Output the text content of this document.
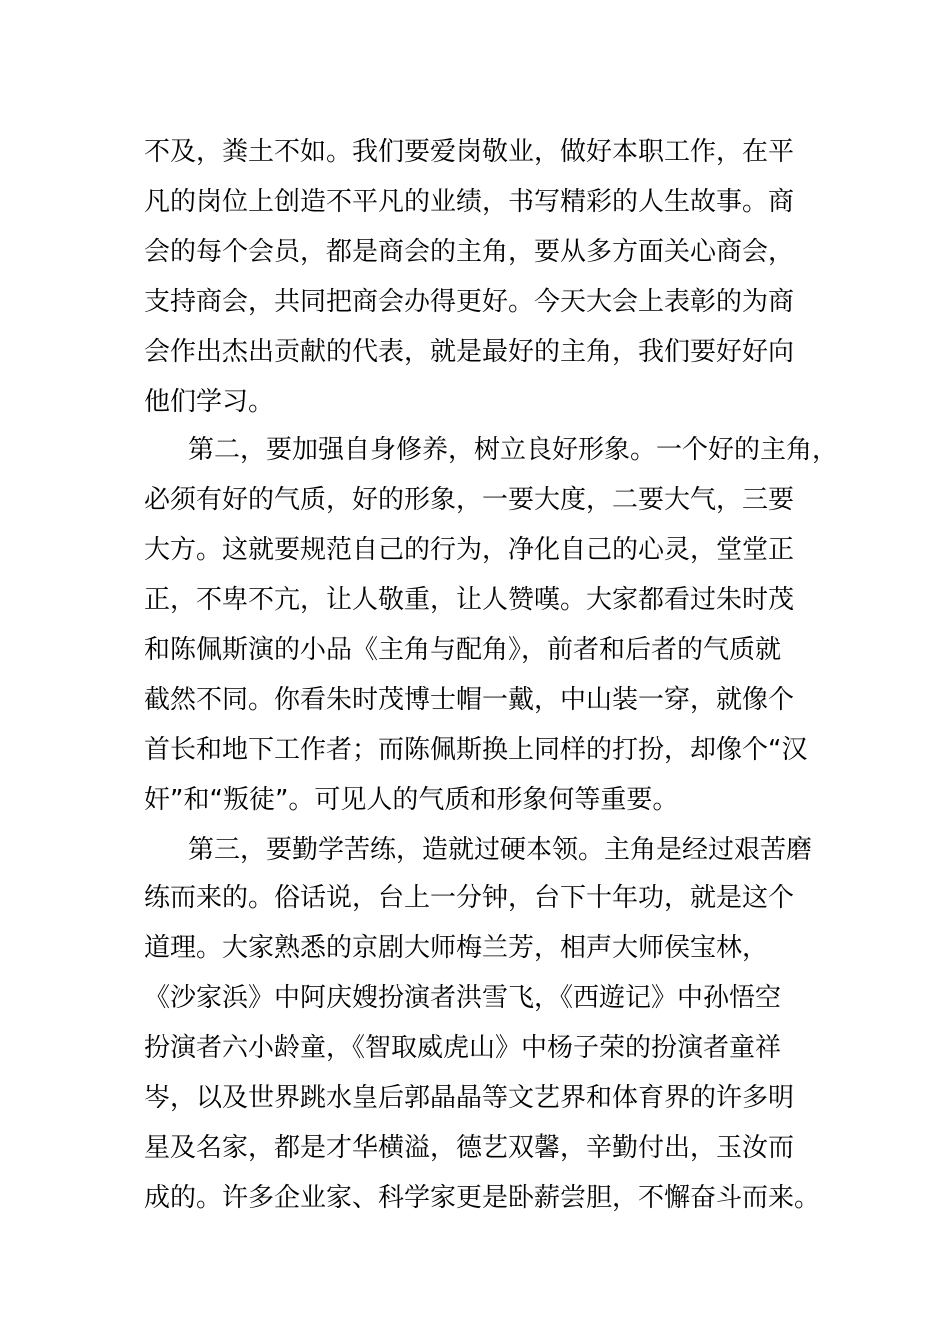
不及，粪土不如。我们要爱岗敬业，做好本职工作，在平
凡的岗位上创造不平凡的业绩，书写精彩的人生故事。商
会的每个会员，都是商会的主角，要从多方面关心商会，
支持商会，共同把商会办得更好。今天大会上表彰的为商
会作出杰出贡献的代表，就是最好的主角，我们要好好向
他们学习。
第二，要加强自身修养，树立良好形象。一个好的主角，
必须有好的气质，好的形象，一要大度，二要大气，三要
大方。这就要规范自己的行为，净化自己的心灵，堂堂正
正，不卑不亢，让人敬重，让人赞嘆。大家都看过朱时茂
和陈佩斯演的小品《主角与配角》，前者和后者的气质就
截然不同。你看朱时茂博士帽一戴，中山装一穿，就像个
首长和地下工作者；而陈佩斯换上同样的打扮，却像个“汉
奸”和“叛徒”。可见人的气质和形象何等重要。
第三，要勤学苦练，造就过硬本领。主角是经过艰苦磨
练而来的。俗话说，台上一分钟，台下十年功，就是这个
道理。大家熟悉的京剧大师梅兰芳，相声大师侯宝林，
《沙家浜》中阿庆嫂扮演者洪雪飞，《西遊记》中孙悟空
扮演者六小龄童，《智取威虎山》中杨子荣的扮演者童祥
岑，以及世界跳水皇后郭晶晶等文艺界和体育界的许多明
星及名家，都是才华横溢，德艺双馨，辛勤付出，玉汝而
成的。许多企业家、科学家更是卧薪尝胆，不懈奋斗而来。
